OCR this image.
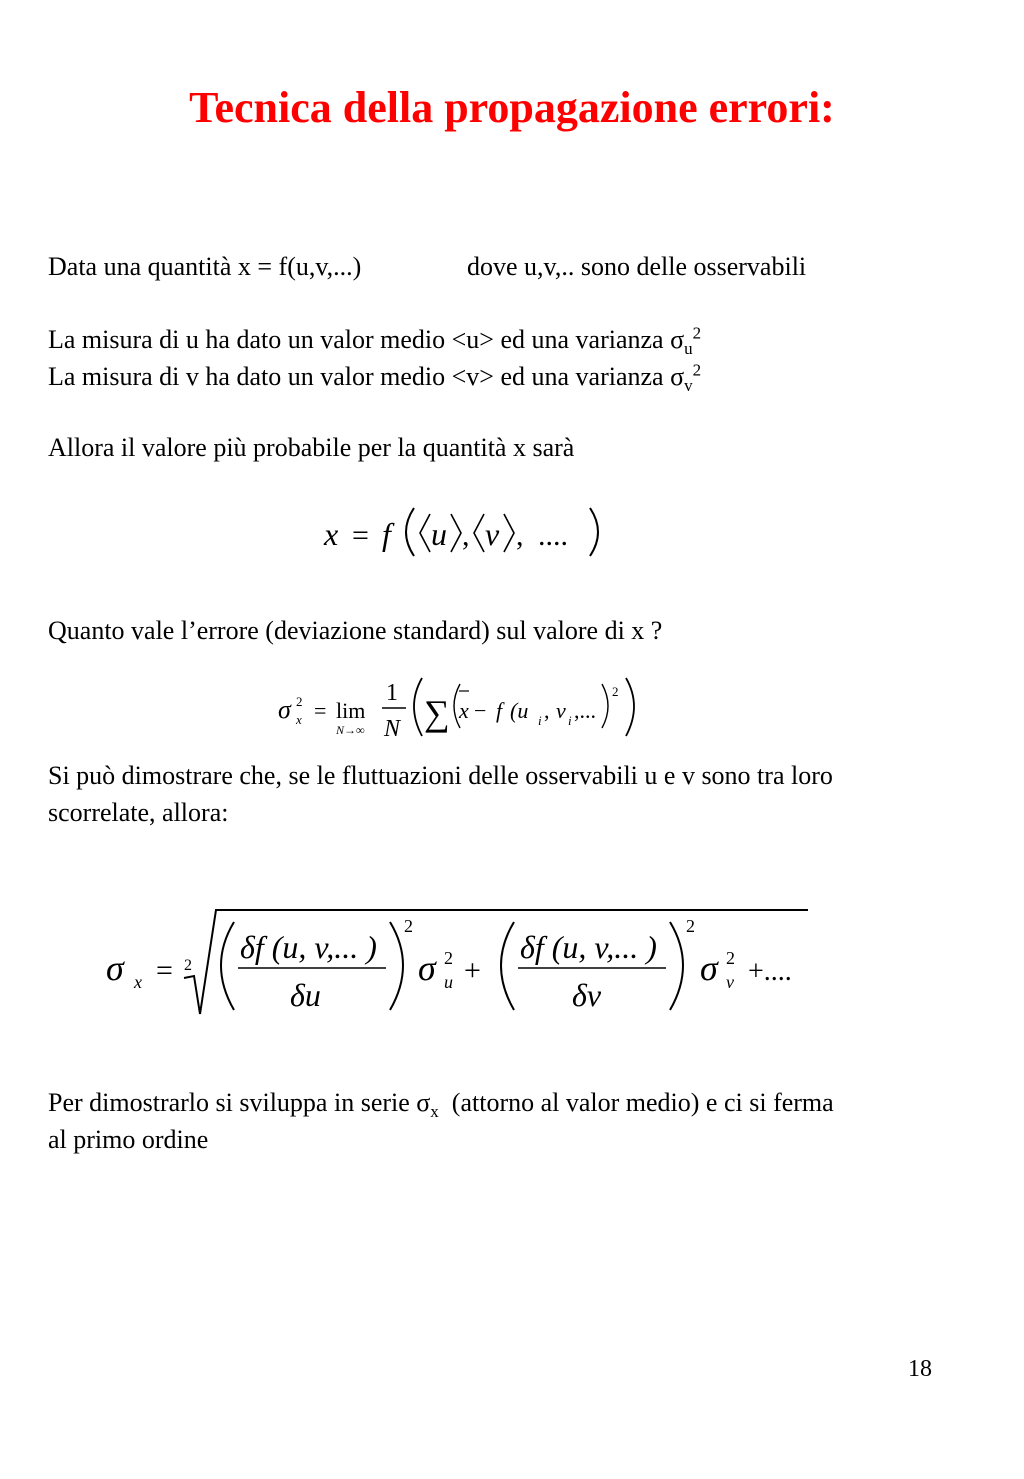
Tecnica della propagazione errori:
Data una quantità x = f(u,v,...)	dove u,v,.. sono delle osservabili
La misura di u ha dato un valor medio <u> ed una varianza $\sigma_u^2$
La misura di v ha dato un valor medio <v> ed una varianza $\sigma_v^2$
Allora il valore più probabile per la quantità x sarà
x = f u , v , ....
Quanto vale l’errore (deviazione standard) sul valore di x ?
σ 2
x = lim
N→∞
1
N ∑ x − f (u i , v i ,...
2
Si può dimostrare che, se le fluttuazioni delle osservabili u e v sono tra loro
scorrelate, allora:
σ x = 2
δf (u, v,... )
δu
2
σ 2
u +
δf (u, v,... )
δv
2
σ 2
v +....
Per dimostrarlo si sviluppa in serie $\sigma_x$  (attorno al valor medio) e ci si ferma
al primo ordine
18
